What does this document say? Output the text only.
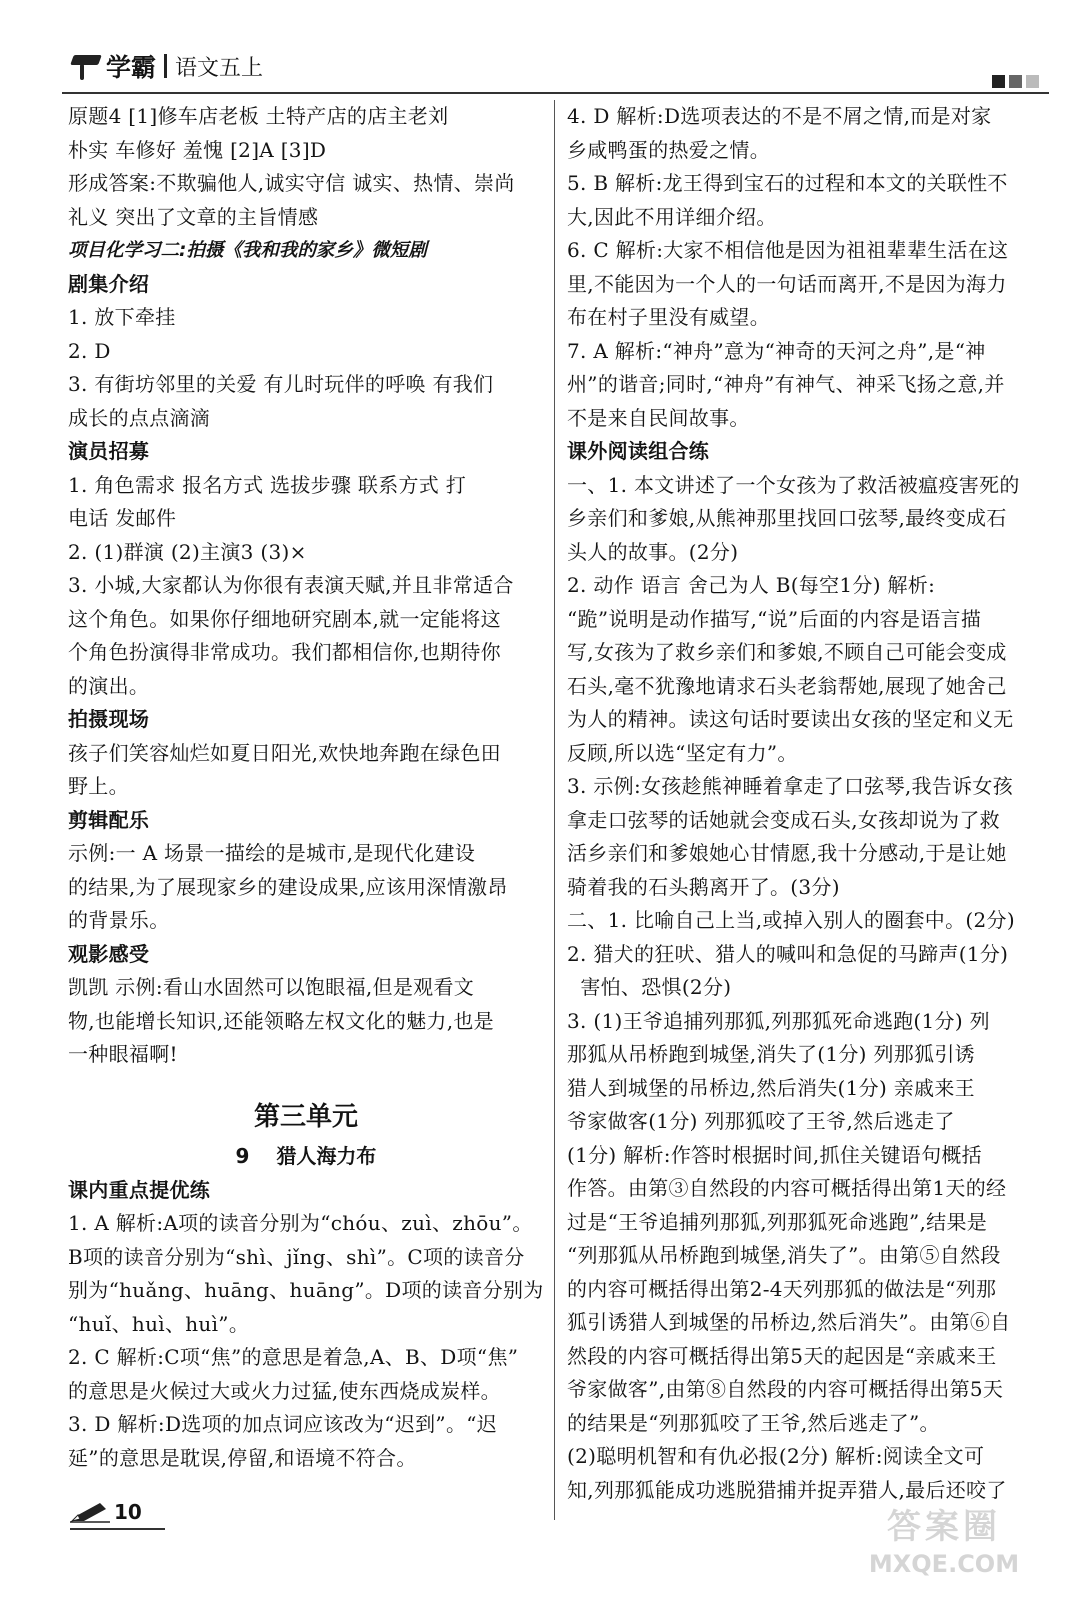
学霸 语文五上
原题4 [1]修车店老板 土特产店的店主老刘
朴实 车修好 羞愧 [2]A [3]D
形成答案:不欺骗他人,诚实守信 诚实、热情、崇尚
礼义 突出了文章的主旨情感
项目化学习二:拍摄《我和我的家乡》微短剧
剧集介绍
1. 放下牵挂
2. D
3. 有街坊邻里的关爱 有儿时玩伴的呼唤 有我们
成长的点点滴滴
演员招募
1. 角色需求 报名方式 选拔步骤 联系方式 打
电话 发邮件
2. (1)群演 (2)主演3 (3)×
3. 小城,大家都认为你很有表演天赋,并且非常适合
这个角色。如果你仔细地研究剧本,就一定能将这
个角色扮演得非常成功。我们都相信你,也期待你
的演出。
拍摄现场
孩子们笑容灿烂如夏日阳光,欢快地奔跑在绿色田
野上。
剪辑配乐
示例:一 A 场景一描绘的是城市,是现代化建设
的结果,为了展现家乡的建设成果,应该用深情激昂
的背景乐。
观影感受
凯凯 示例:看山水固然可以饱眼福,但是观看文
物,也能增长知识,还能领略左权文化的魅力,也是
一种眼福啊!
第三单元
9 猎人海力布
课内重点提优练
1. A 解析:A项的读音分别为“chóu、zuì、zhōu”。
B项的读音分别为“shì、jǐng、shì”。C项的读音分
别为“huǎng、huāng、huāng”。D项的读音分别为
“huǐ、huì、huì”。
2. C 解析:C项“焦”的意思是着急,A、B、D项“焦”
的意思是火候过大或火力过猛,使东西烧成炭样。
3. D 解析:D选项的加点词应该改为“迟到”。“迟
延”的意思是耽误,停留,和语境不符合。
4. D 解析:D选项表达的不是不屑之情,而是对家
乡咸鸭蛋的热爱之情。
5. B 解析:龙王得到宝石的过程和本文的关联性不
大,因此不用详细介绍。
6. C 解析:大家不相信他是因为祖祖辈辈生活在这
里,不能因为一个人的一句话而离开,不是因为海力
布在村子里没有威望。
7. A 解析:“神舟”意为“神奇的天河之舟”,是“神
州”的谐音;同时,“神舟”有神气、神采飞扬之意,并
不是来自民间故事。
课外阅读组合练
一、1. 本文讲述了一个女孩为了救活被瘟疫害死的
乡亲们和爹娘,从熊神那里找回口弦琴,最终变成石
头人的故事。(2分)
2. 动作 语言 舍己为人 B(每空1分) 解析:
“跪”说明是动作描写,“说”后面的内容是语言描
写,女孩为了救乡亲们和爹娘,不顾自己可能会变成
石头,毫不犹豫地请求石头老翁帮她,展现了她舍己
为人的精神。读这句话时要读出女孩的坚定和义无
反顾,所以选“坚定有力”。
3. 示例:女孩趁熊神睡着拿走了口弦琴,我告诉女孩
拿走口弦琴的话她就会变成石头,女孩却说为了救
活乡亲们和爹娘她心甘情愿,我十分感动,于是让她
骑着我的石头鹅离开了。(3分)
二、1. 比喻自己上当,或掉入别人的圈套中。(2分)
2. 猎犬的狂吠、猎人的喊叫和急促的马蹄声(1分)
害怕、恐惧(2分)
3. (1)王爷追捕列那狐,列那狐死命逃跑(1分) 列
那狐从吊桥跑到城堡,消失了(1分) 列那狐引诱
猎人到城堡的吊桥边,然后消失(1分) 亲戚来王
爷家做客(1分) 列那狐咬了王爷,然后逃走了
(1分) 解析:作答时根据时间,抓住关键语句概括
作答。由第③自然段的内容可概括得出第1天的经
过是“王爷追捕列那狐,列那狐死命逃跑”,结果是
“列那狐从吊桥跑到城堡,消失了”。由第⑤自然段
的内容可概括得出第2-4天列那狐的做法是“列那
狐引诱猎人到城堡的吊桥边,然后消失”。由第⑥自
然段的内容可概括得出第5天的起因是“亲戚来王
爷家做客”,由第⑧自然段的内容可概括得出第5天
的结果是“列那狐咬了王爷,然后逃走了”。
(2)聪明机智和有仇必报(2分) 解析:阅读全文可
知,列那狐能成功逃脱猎捕并捉弄猎人,最后还咬了
10	答案圈
MXQE.COM
